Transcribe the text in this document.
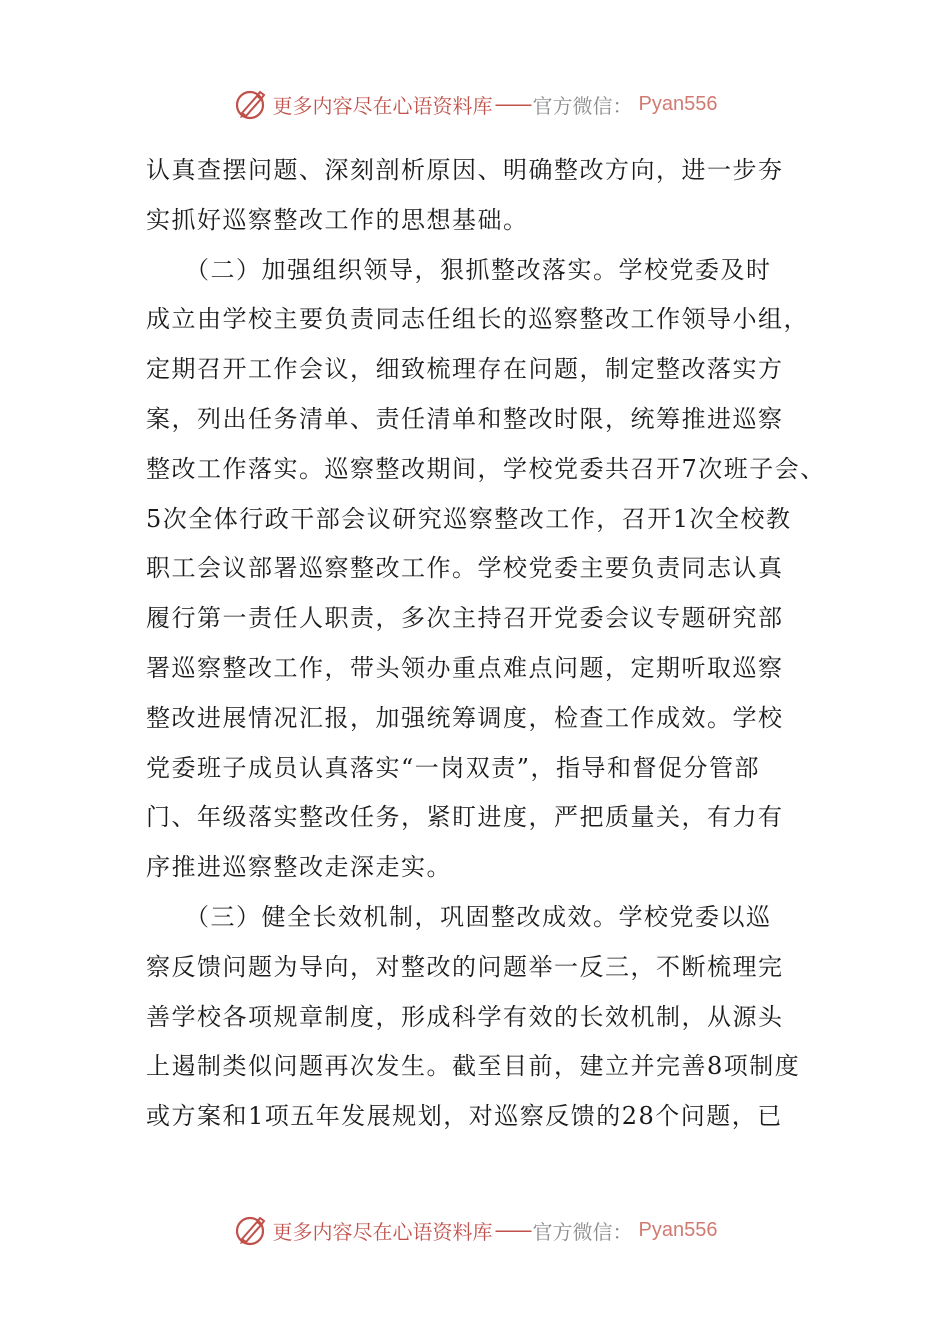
更多内容尽在心语资料库 —— 官方微信： Pyan556
认真查摆问题、深刻剖析原因、明确整改方向，进一步夯
实抓好巡察整改工作的思想基础。
　　（二）加强组织领导，狠抓整改落实。学校党委及时
成立由学校主要负责同志任组长的巡察整改工作领导小组，
定期召开工作会议，细致梳理存在问题，制定整改落实方
案，列出任务清单、责任清单和整改时限，统筹推进巡察
整改工作落实。巡察整改期间，学校党委共召开7次班子会、
5次全体行政干部会议研究巡察整改工作，召开1次全校教
职工会议部署巡察整改工作。学校党委主要负责同志认真
履行第一责任人职责，多次主持召开党委会议专题研究部
署巡察整改工作，带头领办重点难点问题，定期听取巡察
整改进展情况汇报，加强统筹调度，检查工作成效。学校
党委班子成员认真落实“一岗双责”，指导和督促分管部
门、年级落实整改任务，紧盯进度，严把质量关，有力有
序推进巡察整改走深走实。
　　（三）健全长效机制，巩固整改成效。学校党委以巡
察反馈问题为导向，对整改的问题举一反三，不断梳理完
善学校各项规章制度，形成科学有效的长效机制，从源头
上遏制类似问题再次发生。截至目前，建立并完善8项制度
或方案和1项五年发展规划，对巡察反馈的28个问题，已
更多内容尽在心语资料库 —— 官方微信： Pyan556
